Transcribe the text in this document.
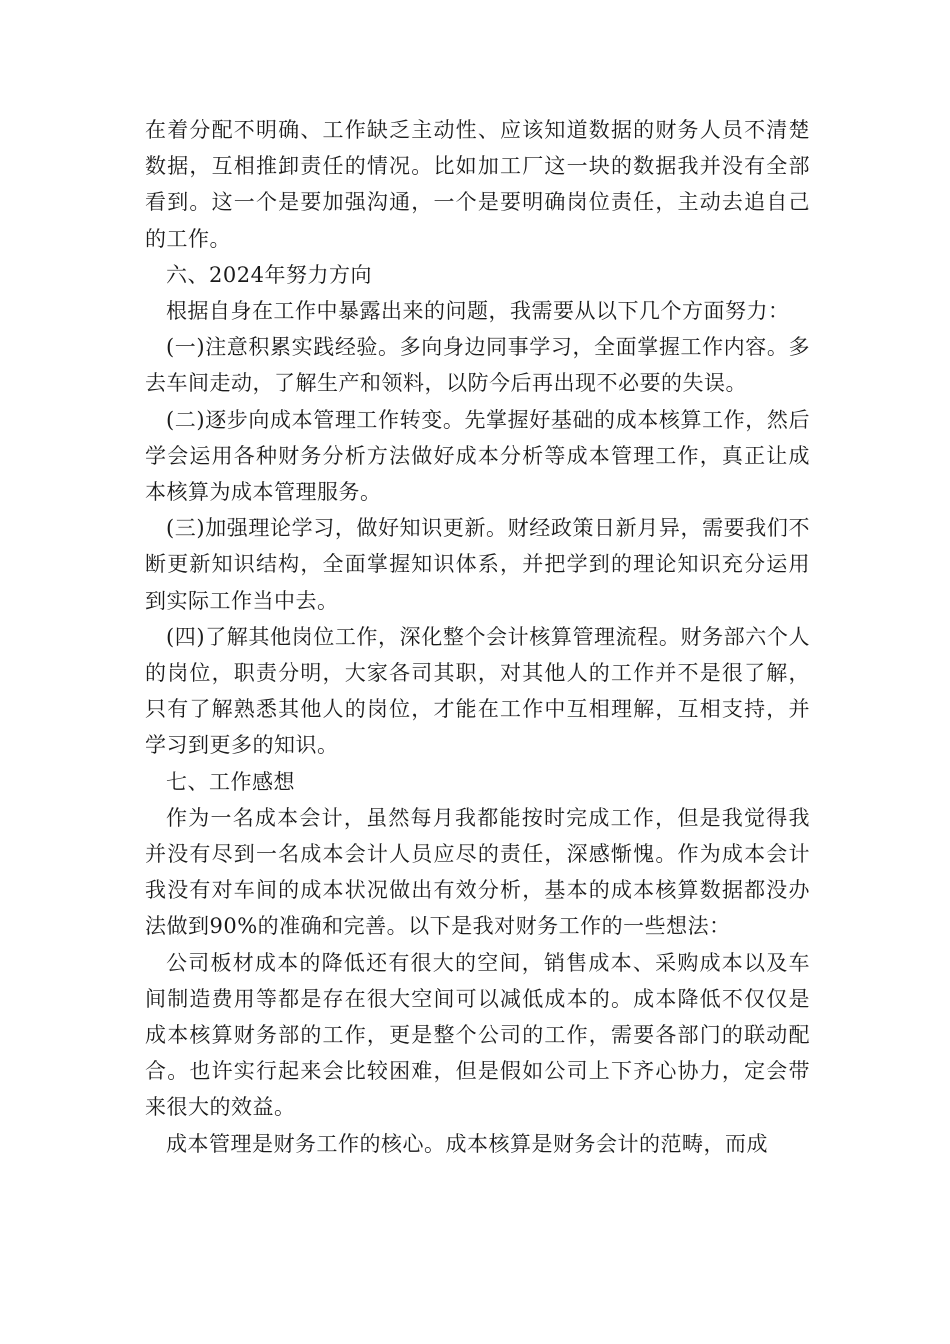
在着分配不明确、工作缺乏主动性、应该知道数据的财务人员不清楚数据，互相推卸责任的情况。比如加工厂这一块的数据我并没有全部看到。这一个是要加强沟通，一个是要明确岗位责任，主动去追自己的工作。

六、2024年努力方向

根据自身在工作中暴露出来的问题，我需要从以下几个方面努力：

(一)注意积累实践经验。多向身边同事学习，全面掌握工作内容。多去车间走动，了解生产和领料，以防今后再出现不必要的失误。

(二)逐步向成本管理工作转变。先掌握好基础的成本核算工作，然后学会运用各种财务分析方法做好成本分析等成本管理工作，真正让成本核算为成本管理服务。

(三)加强理论学习，做好知识更新。财经政策日新月异，需要我们不断更新知识结构，全面掌握知识体系，并把学到的理论知识充分运用到实际工作当中去。

(四)了解其他岗位工作，深化整个会计核算管理流程。财务部六个人的岗位，职责分明，大家各司其职，对其他人的工作并不是很了解，只有了解熟悉其他人的岗位，才能在工作中互相理解，互相支持，并学习到更多的知识。

七、工作感想

作为一名成本会计，虽然每月我都能按时完成工作，但是我觉得我并没有尽到一名成本会计人员应尽的责任，深感惭愧。作为成本会计我没有对车间的成本状况做出有效分析，基本的成本核算数据都没办法做到90%的准确和完善。以下是我对财务工作的一些想法：

公司板材成本的降低还有很大的空间，销售成本、采购成本以及车间制造费用等都是存在很大空间可以减低成本的。成本降低不仅仅是成本核算财务部的工作，更是整个公司的工作，需要各部门的联动配合。也许实行起来会比较困难，但是假如公司上下齐心协力，定会带来很大的效益。

成本管理是财务工作的核心。成本核算是财务会计的范畴，而成
